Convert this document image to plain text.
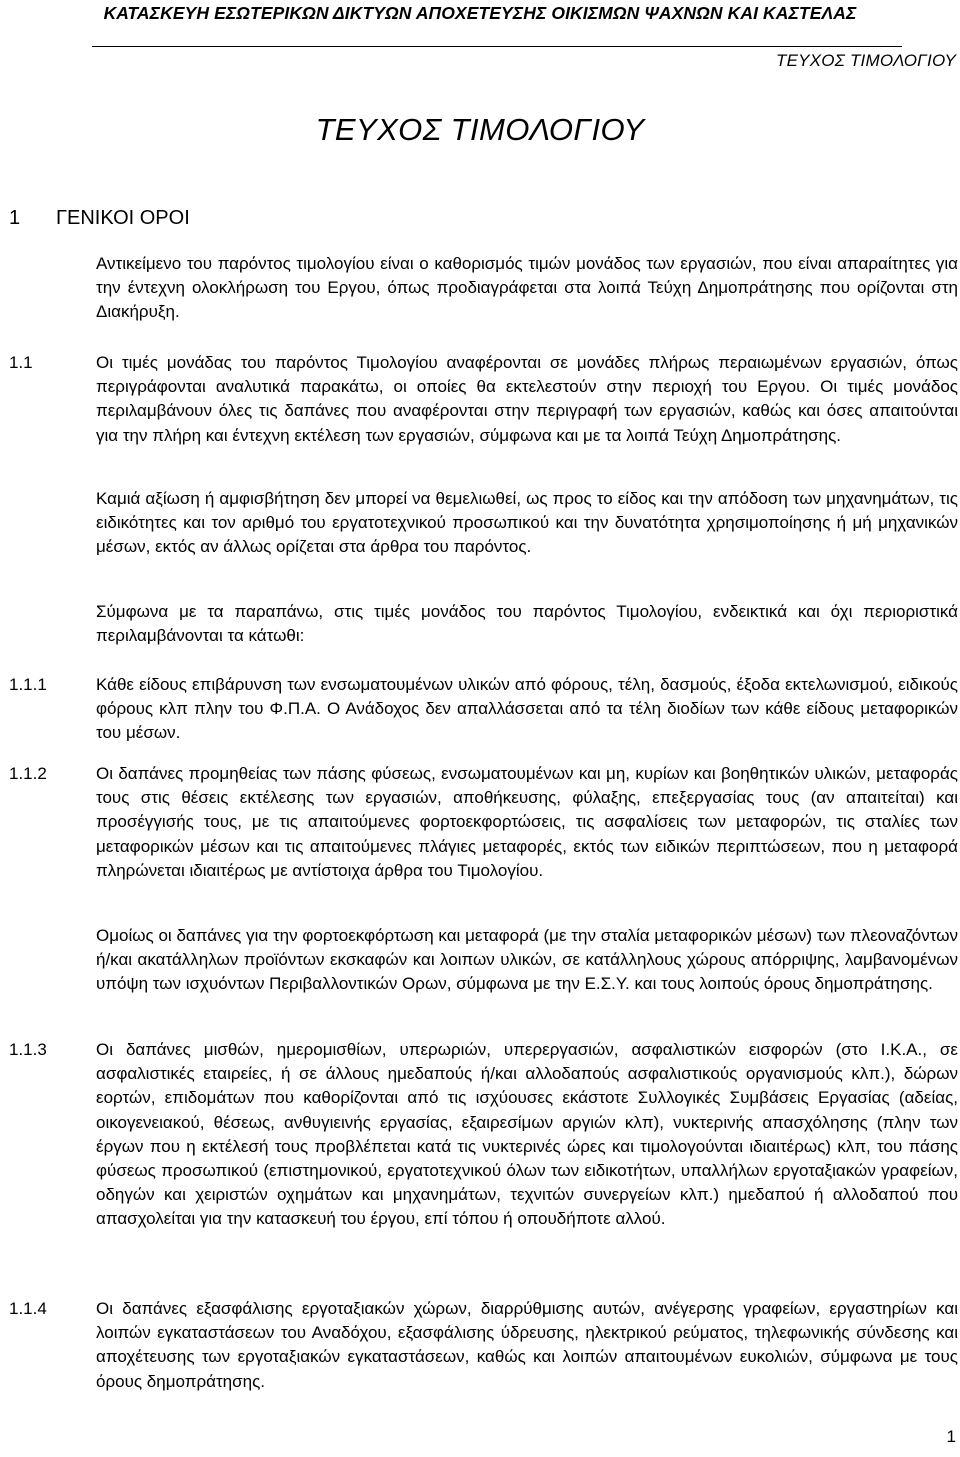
ΚΑΤΑΣΚΕΥΗ ΕΣΩΤΕΡΙΚΩΝ ΔΙΚΤΥΩΝ ΑΠΟΧΕΤΕΥΣΗΣ ΟΙΚΙΣΜΩΝ ΨΑΧΝΩΝ ΚΑΙ ΚΑΣΤΕΛΑΣ
ΤΕΥΧΟΣ ΤΙΜΟΛΟΓΙΟΥ
ΤΕΥΧΟΣ ΤΙΜΟΛΟΓΙΟΥ
1 ΓΕΝΙΚΟΙ ΟΡΟΙ
Αντικείμενο του παρόντος τιμολογίου είναι ο καθορισμός τιμών μονάδος των εργασιών, που είναι απαραίτητες για την έντεχνη ολοκλήρωση του Εργου, όπως προδιαγράφεται στα λοιπά Τεύχη Δημοπράτησης που ορίζονται στη Διακήρυξη.
1.1	Οι τιμές μονάδας του παρόντος Τιμολογίου αναφέρονται σε μονάδες πλήρως περαιωμένων εργασιών, όπως περιγράφονται αναλυτικά παρακάτω, οι οποίες θα εκτελεστούν στην περιοχή του Εργου. Οι τιμές μονάδος περιλαμβάνουν όλες τις δαπάνες που αναφέρονται στην περιγραφή των εργασιών, καθώς και όσες απαιτούνται για την πλήρη και έντεχνη εκτέλεση των εργασιών, σύμφωνα και με τα λοιπά Τεύχη Δημοπράτησης.
Καμιά αξίωση ή αμφισβήτηση δεν μπορεί να θεμελιωθεί, ως προς το είδος και την απόδοση των μηχανημάτων, τις ειδικότητες και τον αριθμό του εργατοτεχνικού προσωπικού και την δυνατότητα χρησιμοποίησης ή μή μηχανικών μέσων, εκτός αν άλλως ορίζεται στα άρθρα του παρόντος.
Σύμφωνα με τα παραπάνω, στις τιμές μονάδος του παρόντος Τιμολογίου, ενδεικτικά και όχι περιοριστικά περιλαμβάνονται τα κάτωθι:
1.1.1	Κάθε είδους επιβάρυνση των ενσωματουμένων υλικών από φόρους, τέλη, δασμούς, έξοδα εκτελωνισμού, ειδικούς φόρους κλπ πλην του Φ.Π.Α. Ο Ανάδοχος δεν απαλλάσσεται από τα τέλη διοδίων των κάθε είδους μεταφορικών του μέσων.
1.1.2	Οι δαπάνες προμηθείας των πάσης φύσεως, ενσωματουμένων και μη, κυρίων και βοηθητικών υλικών, μεταφοράς τους στις θέσεις εκτέλεσης των εργασιών, αποθήκευσης, φύλαξης, επεξεργασίας τους (αν απαιτείται) και προσέγγισής τους, με τις απαιτούμενες φορτοεκφορτώσεις, τις ασφαλίσεις των μεταφορών, τις σταλίες των μεταφορικών μέσων και τις απαιτούμενες πλάγιες μεταφορές, εκτός των ειδικών περιπτώσεων, που η μεταφορά πληρώνεται ιδιαιτέρως με αντίστοιχα άρθρα του Τιμολογίου.
Ομοίως οι δαπάνες για την φορτοεκφόρτωση και μεταφορά (με την σταλία μεταφορικών μέσων) των πλεοναζόντων ή/και ακατάλληλων προϊόντων εκσκαφών και λοιπων υλικών, σε κατάλληλους χώρους απόρριψης, λαμβανομένων υπόψη των ισχυόντων Περιβαλλοντικών Ορων, σύμφωνα με την Ε.Σ.Υ. και τους λοιπούς όρους δημοπράτησης.
1.1.3	Οι δαπάνες μισθών, ημερομισθίων, υπερωριών, υπερεργασιών, ασφαλιστικών εισφορών (στο Ι.Κ.Α., σε ασφαλιστικές εταιρείες, ή σε άλλους ημεδαπούς ή/και αλλοδαπούς ασφαλιστικούς οργανισμούς κλπ.), δώρων εορτών, επιδομάτων που καθορίζονται από τις ισχύουσες εκάστοτε Συλλογικές Συμβάσεις Εργασίας (αδείας, οικογενειακού, θέσεως, ανθυγιεινής εργασίας, εξαιρεσίμων αργιών κλπ), νυκτερινής απασχόλησης (πλην των έργων που η εκτέλεσή τους προβλέπεται κατά τις νυκτερινές ώρες και τιμολογούνται ιδιαιτέρως) κλπ, του πάσης φύσεως προσωπικού (επιστημονικού, εργατοτεχνικού όλων των ειδικοτήτων, υπαλλήλων εργοταξιακών γραφείων, οδηγών και χειριστών οχημάτων και μηχανημάτων, τεχνιτών συνεργείων κλπ.) ημεδαπού ή αλλοδαπού που απασχολείται για την κατασκευή του έργου, επί τόπου ή οπουδήποτε αλλού.
1.1.4	Οι δαπάνες εξασφάλισης εργοταξιακών χώρων, διαρρύθμισης αυτών, ανέγερσης γραφείων, εργαστηρίων και λοιπών εγκαταστάσεων του Αναδόχου, εξασφάλισης ύδρευσης, ηλεκτρικού ρεύματος, τηλεφωνικής σύνδεσης και αποχέτευσης των εργοταξιακών εγκαταστάσεων, καθώς και λοιπών απαιτουμένων ευκολιών, σύμφωνα με τους όρους δημοπράτησης.
1
